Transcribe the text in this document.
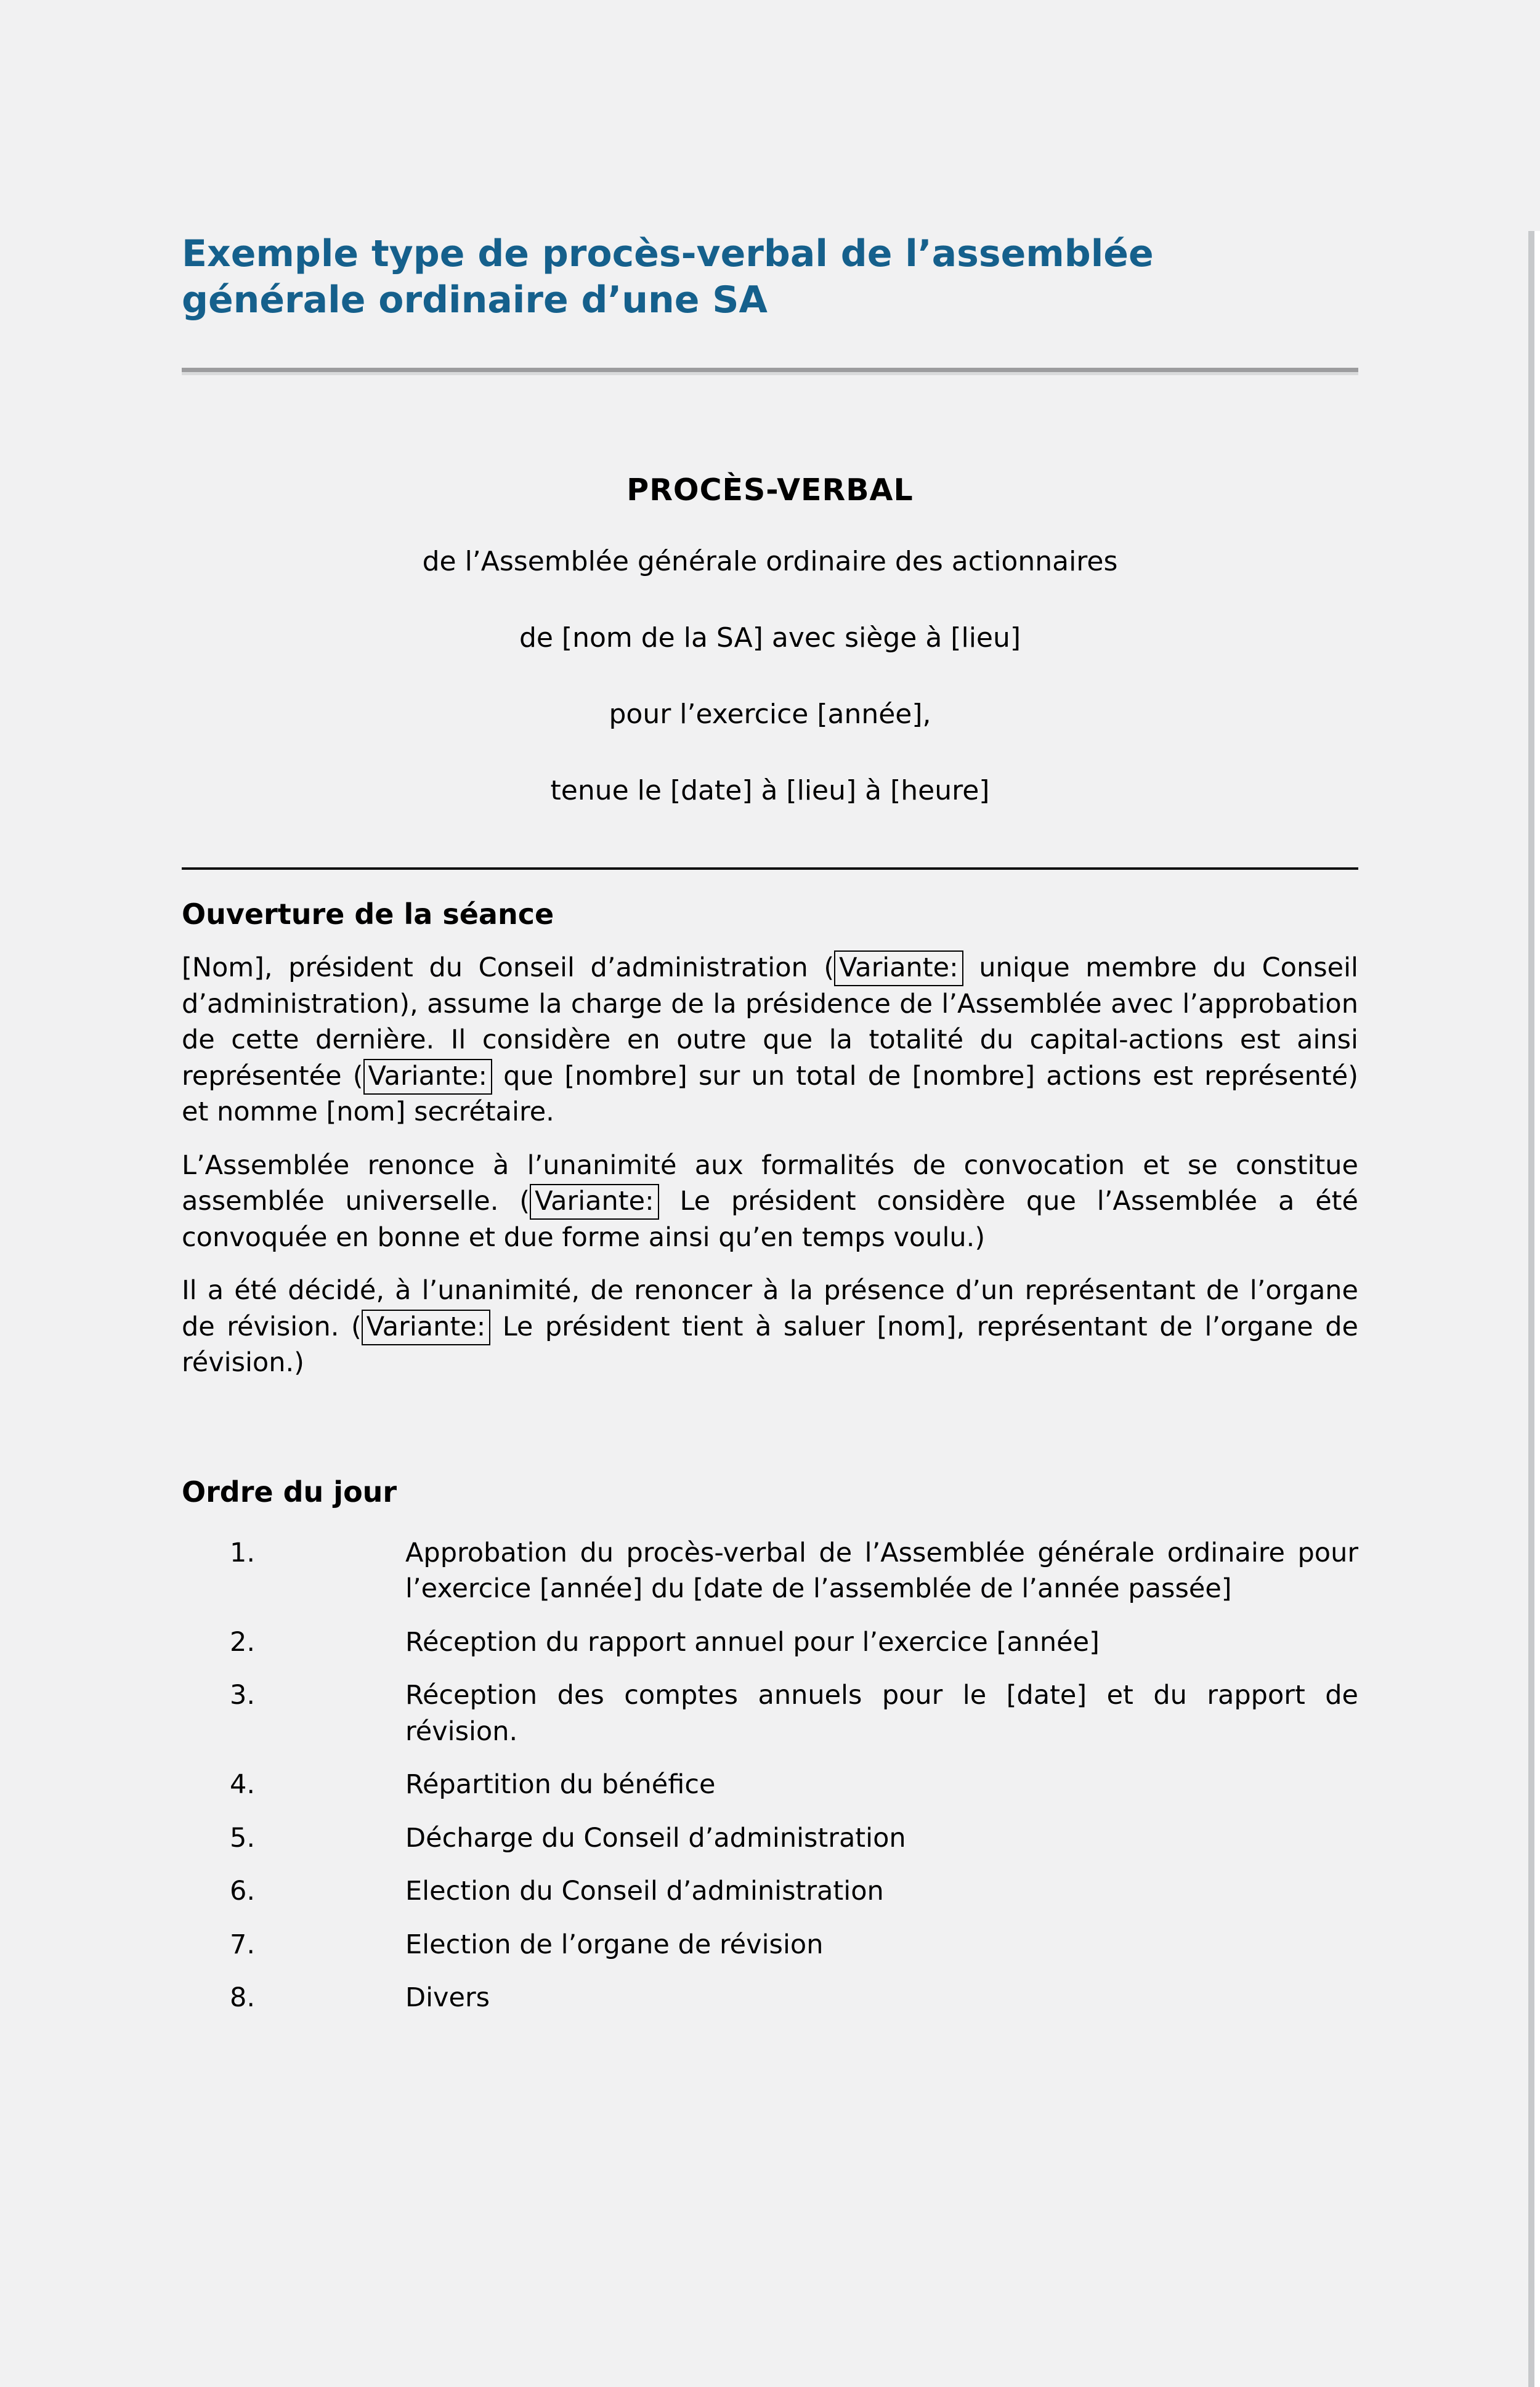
Exemple type de procès-verbal de l’assemblée
générale ordinaire d’une SA

PROCÈS-VERBAL

de l’Assemblée générale ordinaire des actionnaires

de [nom de la SA] avec siège à [lieu]

pour l’exercice [année],

tenue le [date] à [lieu] à [heure]

Ouverture de la séance

[Nom], président du Conseil d’administration ( Variante: unique membre du Conseil d’administration), assume la charge de la présidence de l’Assemblée avec l’approbation de cette dernière. Il considère en outre que la totalité du capital-actions est ainsi représentée ( Variante: que [nombre] sur un total de [nombre] actions est représenté) et nomme [nom] secrétaire.

L’Assemblée renonce à l’unanimité aux formalités de convocation et se constitue assemblée universelle. ( Variante: Le président considère que l’Assemblée a été convoquée en bonne et due forme ainsi qu’en temps voulu.)

Il a été décidé, à l’unanimité, de renoncer à la présence d’un représentant de l’organe de révision. ( Variante: Le président tient à saluer [nom], représentant de l’organe de révision.)

Ordre du jour
1.	Approbation du procès-verbal de l’Assemblée générale ordinaire pour l’exercice [année] du [date de l’assemblée de l’année passée]
2.	Réception du rapport annuel pour l’exercice [année]
3.	Réception des comptes annuels pour le [date] et du rapport de révision.
4.	Répartition du bénéfice
5.	Décharge du Conseil d’administration
6.	Election du Conseil d’administration
7.	Election de l’organe de révision
8.	Divers
